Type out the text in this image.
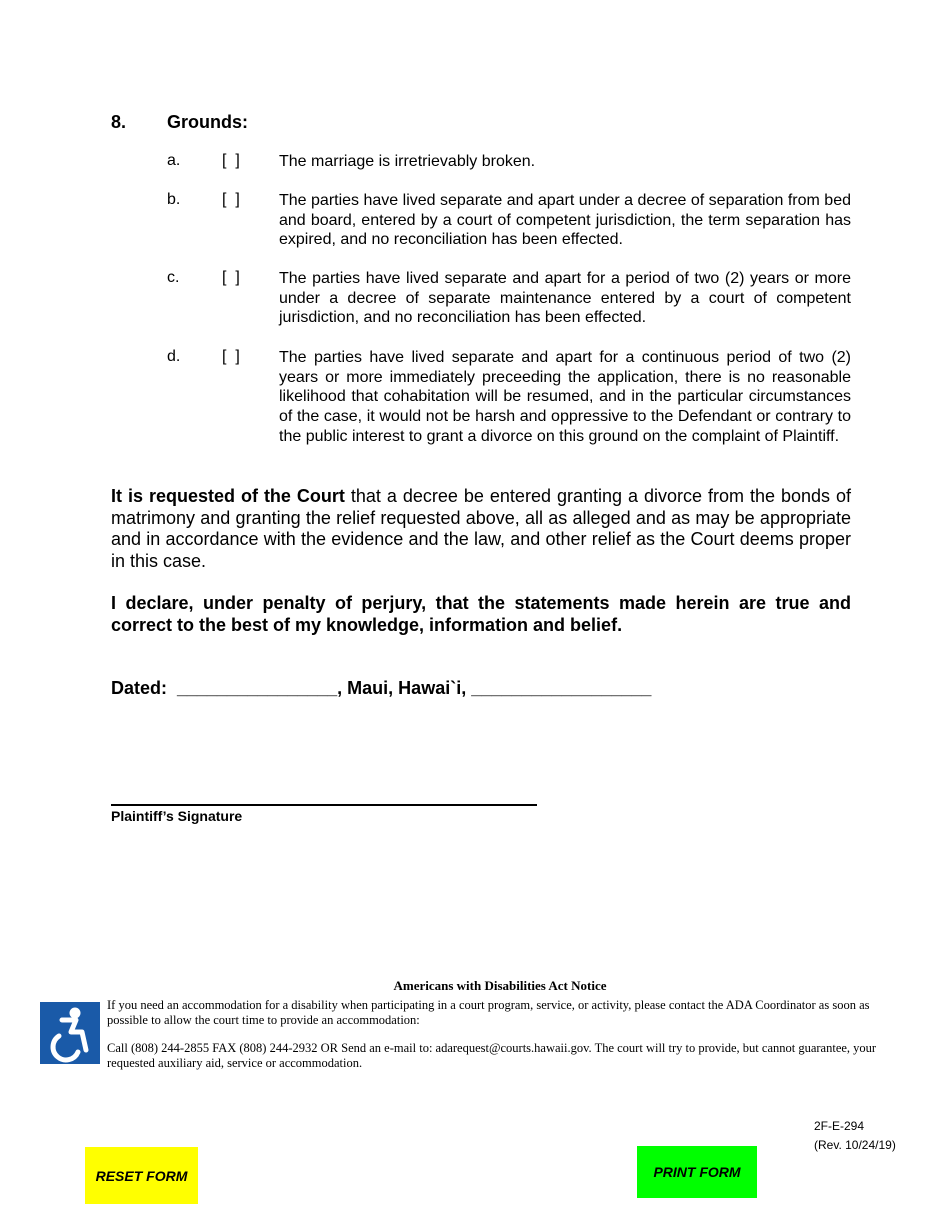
8. Grounds:
a.	[  ] The marriage is irretrievably broken.
b.	[  ] The parties have lived separate and apart under a decree of separation from bed and board, entered by a court of competent jurisdiction, the term separation has expired, and no reconciliation has been effected.
c.	[  ] The parties have lived separate and apart for a period of two (2) years or more under a decree of separate maintenance entered by a court of competent jurisdiction, and no reconciliation has been effected.
d.	[  ] The parties have lived separate and apart for a continuous period of two (2) years or more immediately preceeding the application, there is no reasonable likelihood that cohabitation will be resumed, and in the particular circumstances of the case, it would not be harsh and oppressive to the Defendant or contrary to the public interest to grant a divorce on this ground on the complaint of Plaintiff.
It is requested of the Court that a decree be entered granting a divorce from the bonds of matrimony and granting the relief requested above, all as alleged and as may be appropriate and in accordance with the evidence and the law, and other relief as the Court deems proper in this case.
I declare, under penalty of perjury, that the statements made herein are true and correct to the best of my knowledge, information and belief.
Dated:  ________________, Maui, Hawai`i, __________________
Plaintiff’s Signature
Americans with Disabilities Act Notice
If you need an accommodation for a disability when participating in a court program, service, or activity, please contact the ADA Coordinator as soon as possible to allow the court time to provide an accommodation:
Call (808) 244-2855 FAX (808) 244-2932 OR Send an e-mail to: adarequest@courts.hawaii.gov. The court will try to provide, but cannot guarantee, your requested auxiliary aid, service or accommodation.
2F-E-294
(Rev. 10/24/19)
RESET FORM	PRINT FORM
